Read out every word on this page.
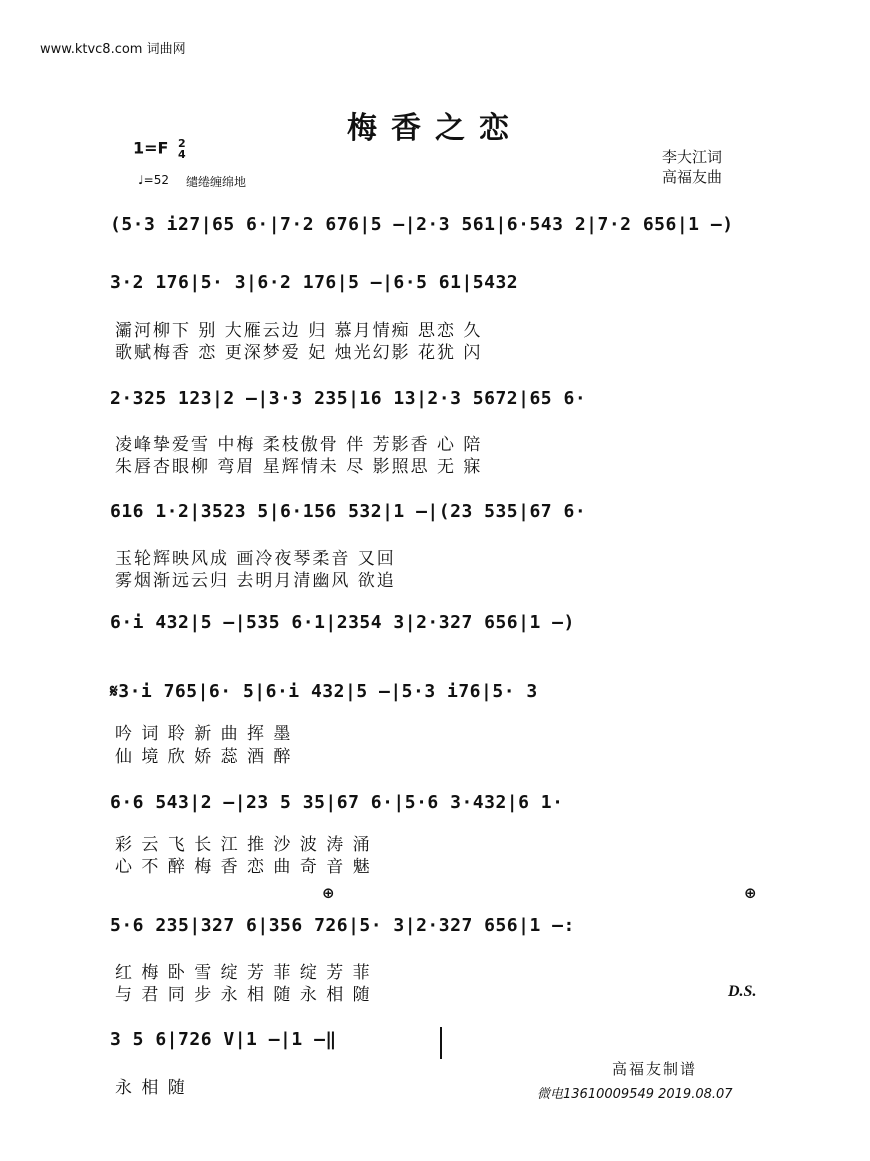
www.ktvc8.com 词曲网
梅香之恋
1=F 2
4
♩=52 缱绻缠绵地
李大江词
高福友曲
(5·3 i27|65 6·|7·2 676|5 –|2·3 561|6·543 2|7·2 656|1 –)
3·2 176|5· 3|6·2 176|5 –|6·5 61|5432
灞河柳下 别 大雁云边 归 慕月情痴 思恋 久
歌赋梅香 恋 更深梦爱 妃 烛光幻影 花犹 闪
2·325 123|2 –|3·3 235|16 13|2·3 5672|65 6·
凌峰挚爱雪 中梅 柔枝傲骨 伴 芳影香 心 陪
朱唇杏眼柳 弯眉 星辉情未 尽 影照思 无 寐
616 1·2|3523 5|6·156 532|1 –|(23 535|67 6·
玉轮辉映风成 画冷夜琴柔音 又回
雾烟渐远云归 去明月清幽风 欲追
6·i 432|5 –|535 6·1|2354 3|2·327 656|1 –)
𝄋3·i 765|6· 5|6·i 432|5 –|5·3 i76|5· 3
吟 词 聆 新 曲 挥 墨
仙 境 欣 娇 蕊 酒 醉
6·6 543|2 –|23 5 35|67 6·|5·6 3·432|6 1·
彩 云 飞 长 江 推 沙 波 涛 涌
心 不 醉 梅 香 恋 曲 奇 音 魅
5·6 235|327 6|356 726|5· 3|2·327 656|1 –:
红 梅 卧 雪 绽 芳 菲 绽 芳 菲
与 君 同 步 永 相 随 永 相 随	D.S.
⊕	⊕
3 5 6|726 V|1 –|1 –‖
永 相 随
高福友制谱
微电13610009549 2019.08.07
